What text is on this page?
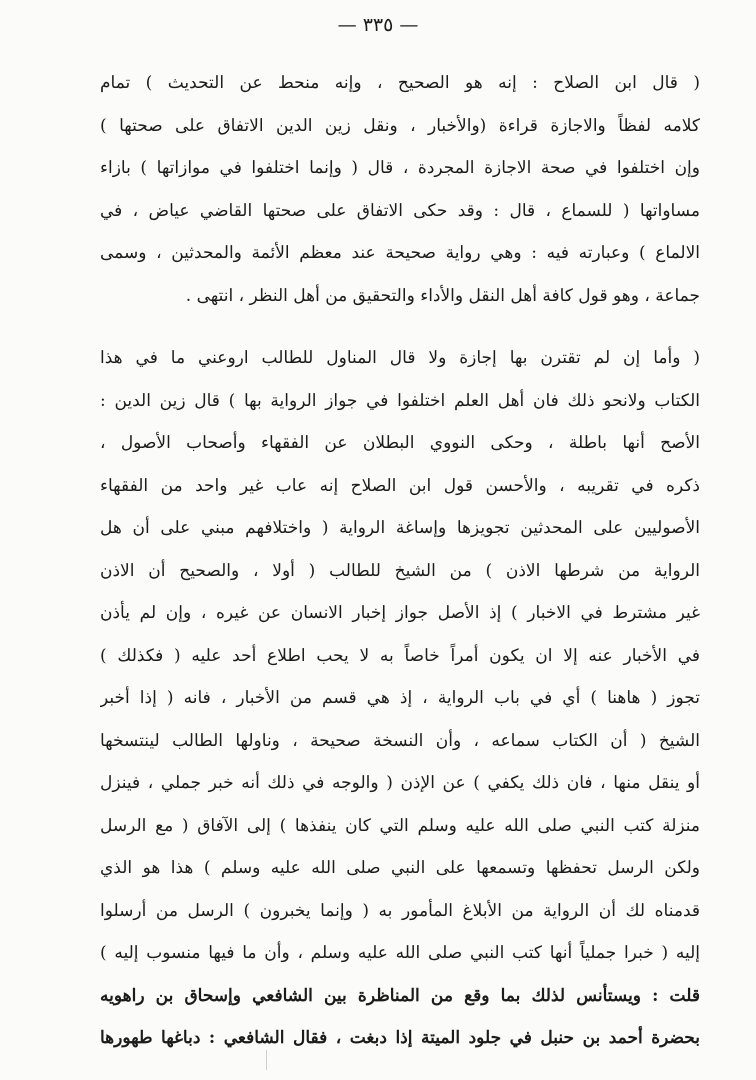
— ٣٣٥ —
( قال ابن الصلاح : إنه هو الصحيح ، وإنه منحط عن التحديث ) تمام
كلامه لفظاً والاجازة قراءة (والأخبار ، ونقل زين الدين الاتفاق على صحتها )
وإن اختلفوا في صحة الاجازة المجردة ، قال ( وإنما اختلفوا في موازاتها ) بازاء
مساواتها ( للسماع ، قال : وقد حكى الاتفاق على صحتها القاضي عياض ، في
الالماع ) وعبارته فيه : وهي رواية صحيحة عند معظم الأئمة والمحدثين ، وسمى
جماعة ، وهو قول كافة أهل النقل والأداء والتحقيق من أهل النظر ، انتهى .
( وأما إن لم تقترن بها إجازة ولا قال المناول للطالب اروعني ما في هذا
الكتاب ولانحو ذلك فان أهل العلم اختلفوا في جواز الرواية بها ) قال زين الدين :
الأصح أنها باطلة ، وحكى النووي البطلان عن الفقهاء وأصحاب الأصول ،
ذكره في تقريبه ، والأحسن قول ابن الصلاح إنه عاب غير واحد من الفقهاء
الأصوليين على المحدثين تجويزها وإساغة الرواية ( واختلافهم مبني على أن هل
الرواية من شرطها الاذن ) من الشيخ للطالب ( أولا ، والصحيح أن الاذن
غير مشترط في الاخبار ) إذ الأصل جواز إخبار الانسان عن غيره ، وإن لم يأذن
في الأخبار عنه إلا ان يكون أمراً خاصاً به لا يحب اطلاع أحد عليه ( فكذلك )
تجوز ( هاهنا ) أي في باب الرواية ، إذ هي قسم من الأخبار ، فانه ( إذا أخبر
الشيخ ( أن الكتاب سماعه ، وأن النسخة صحيحة ، وناولها الطالب لينتسخها
أو ينقل منها ، فان ذلك يكفي ) عن الإذن ( والوجه في ذلك أنه خبر جملي ، فينزل
منزلة كتب النبي صلى الله عليه وسلم التي كان ينفذها ) إلى الآفاق ( مع الرسل
ولكن الرسل تحفظها وتسمعها على النبي صلى الله عليه وسلم ) هذا هو الذي
قدمناه لك أن الرواية من الأبلاغ المأمور به ( وإنما يخبرون ) الرسل من أرسلوا
إليه ( خبرا جملياً أنها كتب النبي صلى الله عليه وسلم ، وأن ما فيها منسوب إليه )
قلت : ويستأنس لذلك بما وقع من المناظرة بين الشافعي وإسحاق بن راهويه
بحضرة أحمد بن حنبل في جلود الميتة إذا دبغت ، فقال الشافعي : دباغها طهورها
